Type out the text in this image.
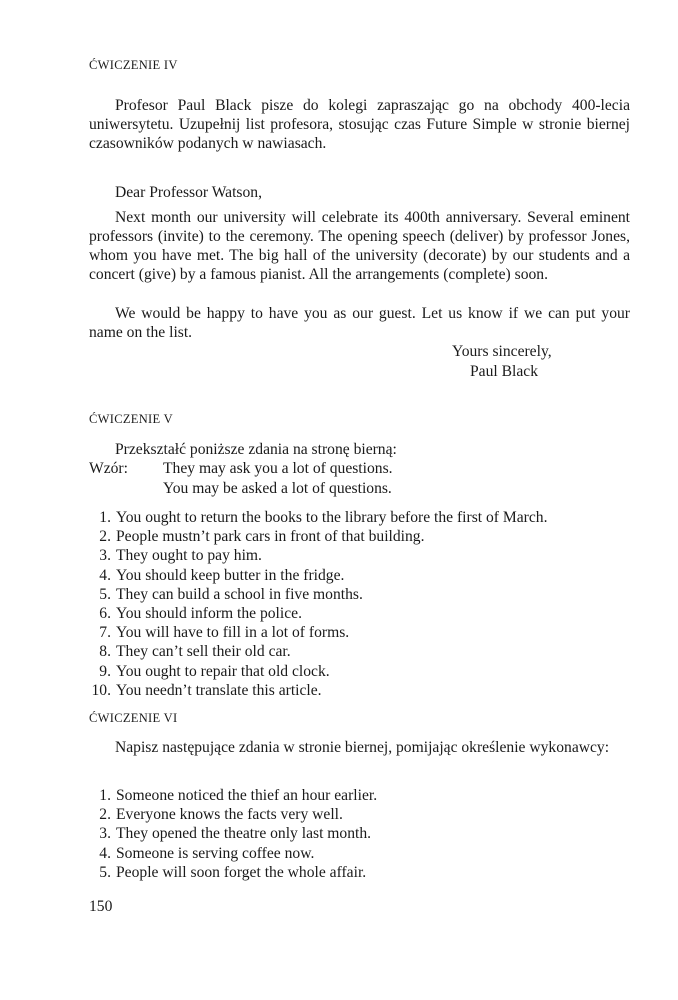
ĆWICZENIE IV

Profesor Paul Black pisze do kolegi zapraszając go na obchody 400-lecia uniwersytetu. Uzupełnij list profesora, stosując czas Future Simple w stronie biernej czasowników podanych w nawiasach.

Dear Professor Watson,

Next month our university will celebrate its 400th anniversary. Several eminent professors (invite) to the ceremony. The opening speech (deliver) by professor Jones, whom you have met. The big hall of the university (decorate) by our students and a concert (give) by a famous pianist. All the arrangements (complete) soon.

We would be happy to have you as our guest. Let us know if we can put your name on the list.

Yours sincerely,
Paul Black
ĆWICZENIE V
Przekształć poniższe zdania na stronę bierną:
Wzór: They may ask you a lot of questions.
You may be asked a lot of questions.
1. You ought to return the books to the library before the first of March.
2. People mustn’t park cars in front of that building.
3. They ought to pay him.
4. You should keep butter in the fridge.
5. They can build a school in five months.
6. You should inform the police.
7. You will have to fill in a lot of forms.
8. They can’t sell their old car.
9. You ought to repair that old clock.
10. You needn’t translate this article.
ĆWICZENIE VI

Napisz następujące zdania w stronie biernej, pomijając określenie wykonawcy:

1. Someone noticed the thief an hour earlier.
2. Everyone knows the facts very well.
3. They opened the theatre only last month.
4. Someone is serving coffee now.
5. People will soon forget the whole affair.
150
